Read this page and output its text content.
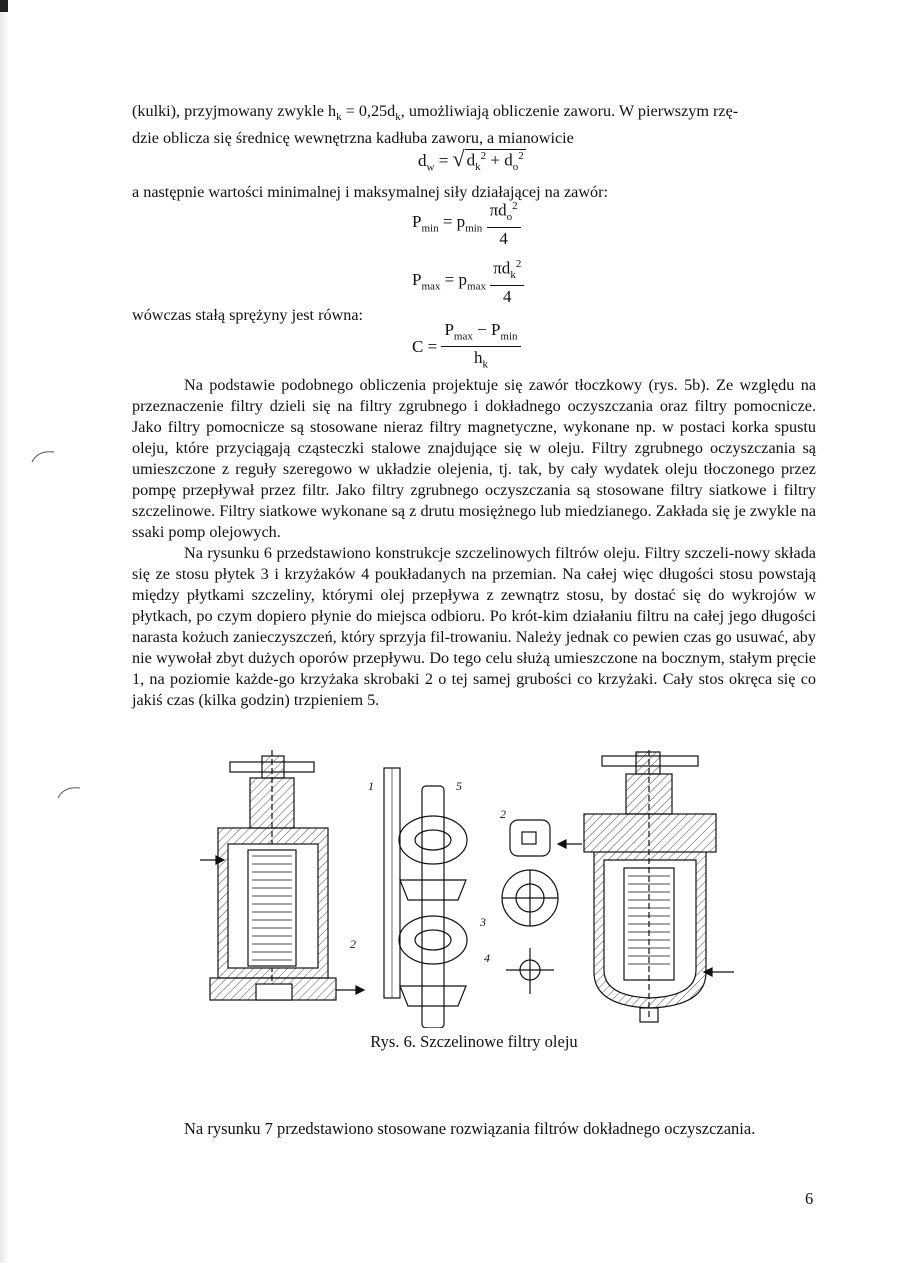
(kulki), przyjmowany zwykle $h_k = 0,25d_k$, umożliwiają obliczenie zaworu. W pierwszym rzę-

dzie oblicza się średnicę wewnętrzna kadłuba zaworu, a mianowicie

$d_w$ = √ $d_k^2 + d_o^2$

a następnie wartości minimalnej i maksymalnej siły działającej na zawór:

$P_{min} = p_{min} \frac{\pi d_o^2}{4}$
$P_{max} = p_{max} \frac{\pi d_k^2}{4}$

wówczas stałą sprężyny jest równa:

$C = \frac{P_{max} - P_{min}}{h_k}$

Na podstawie podobnego obliczenia projektuje się zawór tłoczkowy (rys. 5b). Ze względu na przeznaczenie filtry dzieli się na filtry zgrubnego i dokładnego oczyszczania oraz filtry pomocnicze. Jako filtry pomocnicze są stosowane nieraz filtry magnetyczne, wykonane np. w postaci korka spustu oleju, które przyciągają cząsteczki stalowe znajdujące się w oleju. Filtry zgrubnego oczyszczania są umieszczone z reguły szeregowo w układzie olejenia, tj. tak, by cały wydatek oleju tłoczonego przez pompę przepływał przez filtr. Jako filtry zgrubnego oczyszczania są stosowane filtry siatkowe i filtry szczelinowe. Filtry siatkowe wykonane są z drutu mosiężnego lub miedzianego. Zakłada się je zwykle na ssaki pomp olejowych.

Na rysunku 6 przedstawiono konstrukcje szczelinowych filtrów oleju. Filtry szczeli-nowy składa się ze stosu płytek 3 i krzyżaków 4 poukładanych na przemian. Na całej więc długości stosu powstają między płytkami szczeliny, którymi olej przepływa z zewnątrz stosu, by dostać się do wykrojów w płytkach, po czym dopiero płynie do miejsca odbioru. Po krót-kim działaniu filtru na całej jego długości narasta kożuch zanieczyszczeń, który sprzyja fil-trowaniu. Należy jednak co pewien czas go usuwać, aby nie wywołał zbyt dużych oporów przepływu. Do tego celu służą umieszczone na bocznym, stałym pręcie 1, na poziomie każde-go krzyżaka skrobaki 2 o tej samej grubości co krzyżaki. Cały stos okręca się co jakiś czas (kilka godzin) trzpieniem 5.

1	5
2
3
4
2
Rys. 6. Szczelinowe filtry oleju
Na rysunku 7 przedstawiono stosowane rozwiązania filtrów dokładnego oczyszczania.
6
